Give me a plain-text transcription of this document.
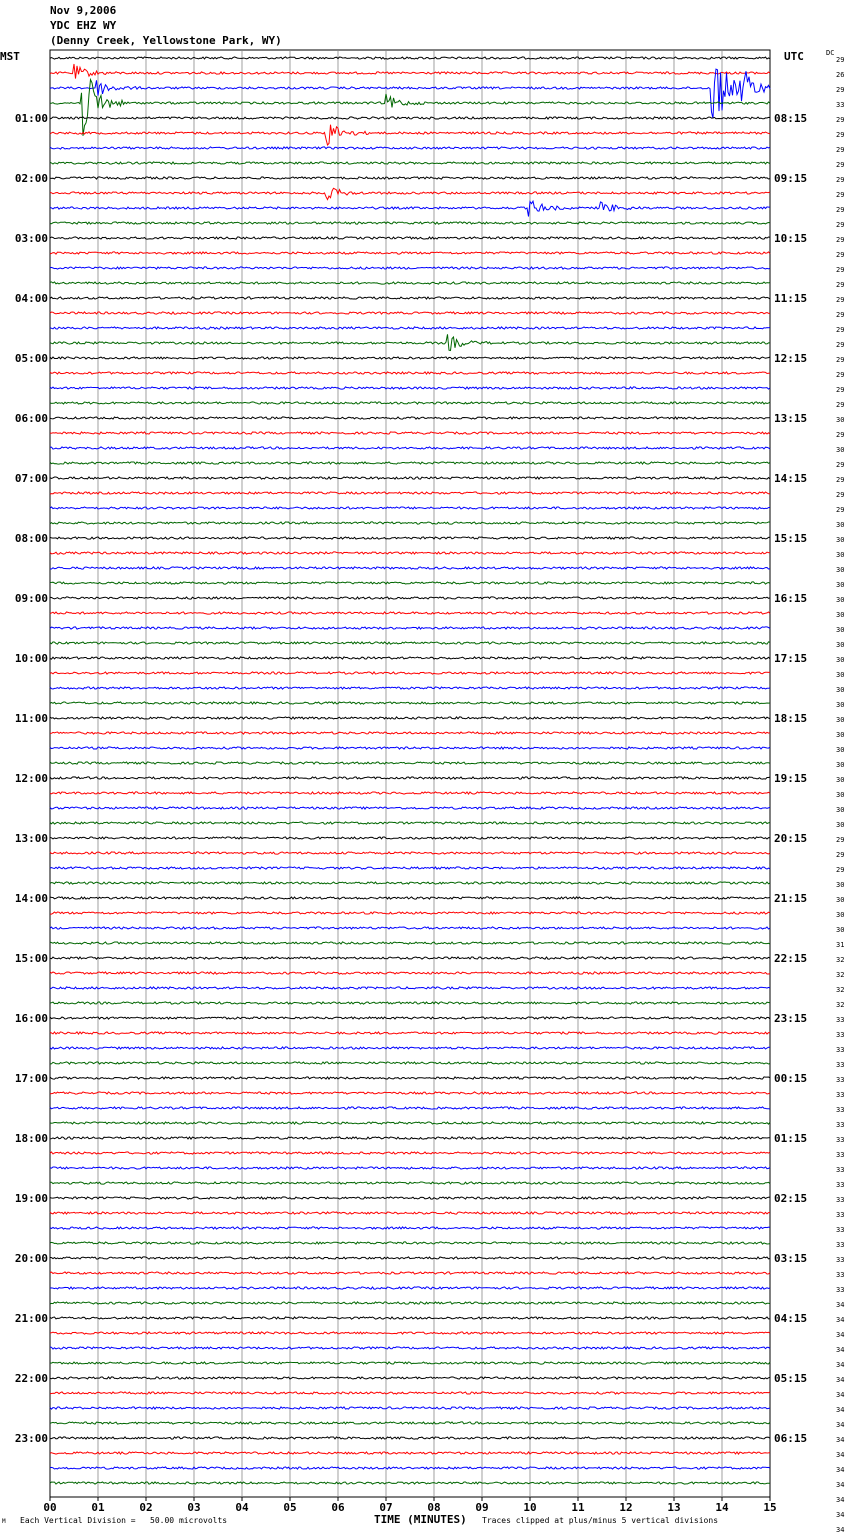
Nov 9,2006
YDC EHZ WY
(Denny Creek, Yellowstone Park, WY)
MST	UTC	DC
01:00
02:00
03:00
04:00
05:00
06:00
07:00
08:00
09:00
10:00
11:00
12:00
13:00
14:00
15:00
16:00
17:00
18:00
19:00
20:00
21:00
22:00
23:00
08:15
09:15
10:15
11:15
12:15
13:15
14:15
15:15
16:15
17:15
18:15
19:15
20:15
21:15
22:15
23:15
00:15
01:15
02:15
03:15
04:15
05:15
06:15
29
26
29
33
29
29
29
29
29
29
29
29
29
29
29
29
29
29
29
29
29
29
29
29
30
29
30
29
29
29
29
30
30
30
30
30
30
30
30
30
30
30
30
30
30
30
30
30
30
30
30
30
29
29
29
30
30
30
30
31
32
32
32
32
33
33
33
33
33
33
33
33
33
33
33
33
33
33
33
33
33
33
33
34
34
34
34
34
34
34
34
34
34
34
34
34
34
34
34
00	01	02	03	04	05	06	07	08	09	10	11	12	13	14	15
M Each Vertical Division =   50.00 microvolts	TIME (MINUTES) Traces clipped at plus/minus 5 vertical divisions
